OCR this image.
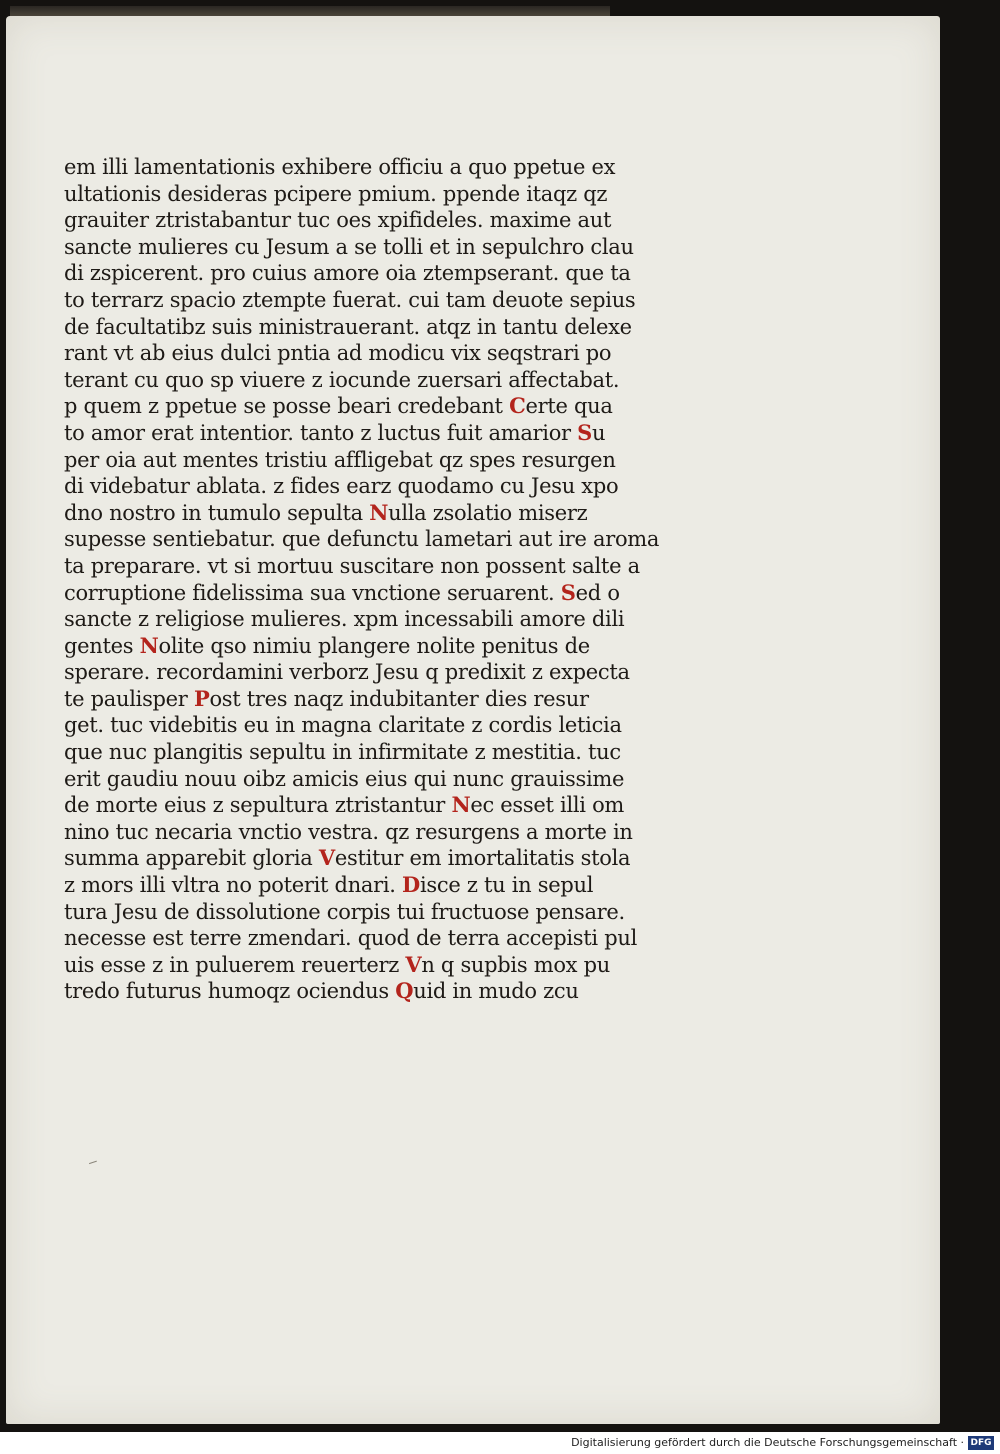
em illi lamentationis exhibere officiu a quo ppetue ex
ultationis desideras pcipere pmium. ppende itaqz qz
grauiter ztristabantur tuc oes xpifideles. maxime aut
sancte mulieres cu Jesum a se tolli et in sepulchro clau
di zspicerent. pro cuius amore oia ztempserant. que ta
to terrarz spacio ztempte fuerat. cui tam deuote sepius
de facultatibz suis ministrauerant. atqz in tantu delexe
rant vt ab eius dulci pntia ad modicu vix seqstrari po
terant cu quo sp viuere z iocunde zuersari affectabat.
p quem z ppetue se posse beari credebant Certe qua
to amor erat intentior. tanto z luctus fuit amarior Su
per oia aut mentes tristiu affligebat qz spes resurgen
di videbatur ablata. z fides earz quodamo cu Jesu xpo
dno nostro in tumulo sepulta Nulla zsolatio miserz
supesse sentiebatur. que defunctu lametari aut ire aroma
ta preparare. vt si mortuu suscitare non possent salte a
corruptione fidelissima sua vnctione seruarent. Sed o
sancte z religiose mulieres. xpm incessabili amore dili
gentes Nolite qso nimiu plangere nolite penitus de
sperare. recordamini verborz Jesu q predixit z expecta
te paulisper Post tres naqz indubitanter dies resur
get. tuc videbitis eu in magna claritate z cordis leticia
que nuc plangitis sepultu in infirmitate z mestitia. tuc
erit gaudiu nouu oibz amicis eius qui nunc grauissime
de morte eius z sepultura ztristantur Nec esset illi om
nino tuc necaria vnctio vestra. qz resurgens a morte in
summa apparebit gloria Vestitur em imortalitatis stola
z mors illi vltra no poterit dnari. Disce z tu in sepul
tura Jesu de dissolutione corpis tui fructuose pensare.
necesse est terre zmendari. quod de terra accepisti pul
uis esse z in puluerem reuerterz Vn q supbis mox pu
tredo futurus humoqz ociendus Quid in mudo zcu
Digitalisierung gefördert durch die Deutsche Forschungsgemeinschaft · DFG
